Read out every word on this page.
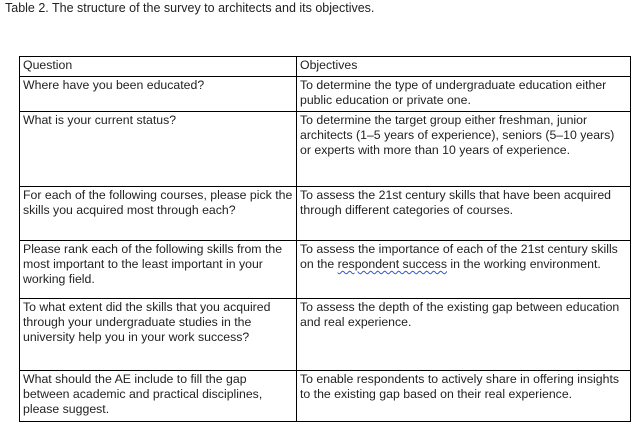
Table 2. The structure of the survey to architects and its objectives.
Question	Objectives
Where have you been educated?	To determine the type of undergraduate education either public education or private one.
What is your current status?	To determine the target group either freshman, junior architects (1–5 years of experience), seniors (5–10 years) or experts with more than 10 years of experience.
For each of the following courses, please pick the skills you acquired most through each?	To assess the 21st century skills that have been acquired through different categories of courses.
Please rank each of the following skills from the most important to the least important in your working field.	To assess the importance of each of the 21st century skills on the respondent success in the working environment.
To what extent did the skills that you acquired through your undergraduate studies in the university help you in your work success?	To assess the depth of the existing gap between education and real experience.
What should the AE include to fill the gap between academic and practical disciplines, please suggest.	To enable respondents to actively share in offering insights to the existing gap based on their real experience.
